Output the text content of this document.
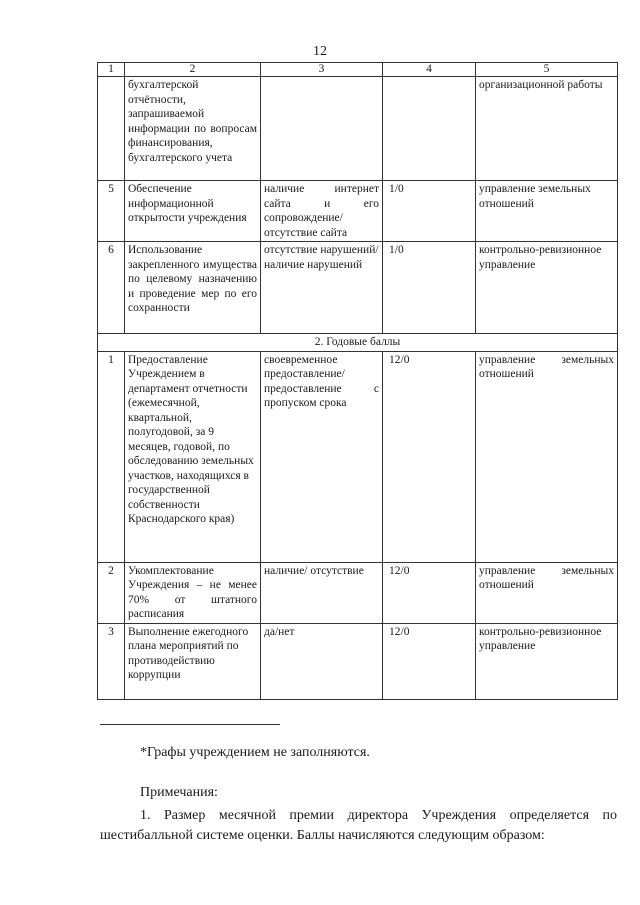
12
1	2	3	4	5
	бухгалтерской отчётности, запрашиваемой информации по вопросам финансирования, бухгалтерского учета			организационной работы
5	Обеспечение информационной открытости учреждения	наличие интернет сайта и его сопровождение/ отсутствие сайта	1/0	управление земельных отношений
6	Использование закрепленного имущества по целевому назначению и проведение мер по его сохранности	отсутствие нарушений/ наличие нарушений	1/0	контрольно-ревизионное управление
2. Годовые баллы				
1	Предоставление Учреждением в департамент отчетности (ежемесячной, квартальной, полугодовой, за 9 месяцев, годовой, по обследованию земельных участков, находящихся в государственной собственности Краснодарского края)	своевременное предоставление/ предоставление с пропуском срока	12/0	управление земельных отношений
2	Укомплектование Учреждения – не менее 70% от штатного расписания	наличие/ отсутствие	12/0	управление земельных отношений
3	Выполнение ежегодного плана мероприятий по противодействию коррупции	да/нет	12/0	контрольно-ревизионное управление
*Графы учреждением не заполняются.
Примечания:
1. Размер месячной премии директора Учреждения определяется по шестибалльной системе оценки. Баллы начисляются следующим образом:
